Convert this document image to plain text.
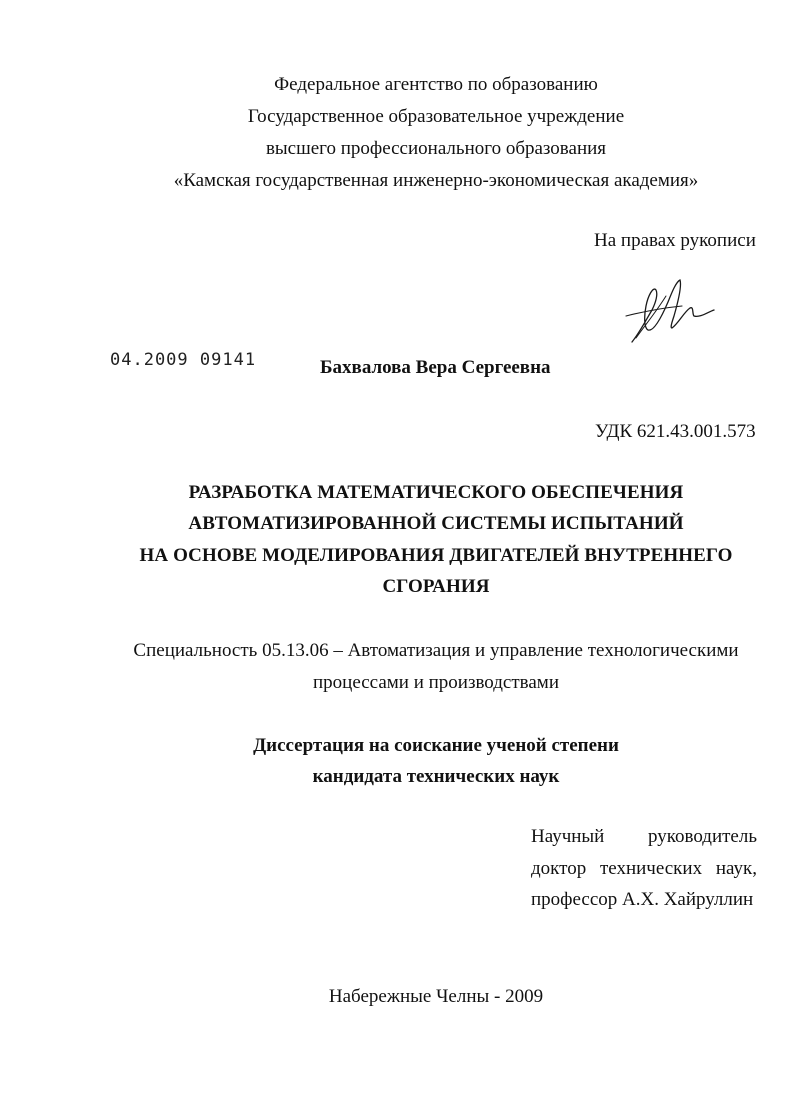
Федеральное агентство по образованию
Государственное образовательное учреждение
высшего профессионального образования
«Камская государственная инженерно-экономическая академия»
На правах рукописи
04.2009 09141	Бахвалова Вера Сергеевна
УДК 621.43.001.573
РАЗРАБОТКА МАТЕМАТИЧЕСКОГО ОБЕСПЕЧЕНИЯ
АВТОМАТИЗИРОВАННОЙ СИСТЕМЫ ИСПЫТАНИЙ
НА ОСНОВЕ МОДЕЛИРОВАНИЯ ДВИГАТЕЛЕЙ ВНУТРЕННЕГО
СГОРАНИЯ
Специальность 05.13.06 – Автоматизация и управление технологическими
процессами и производствами
Диссертация на соискание ученой степени
кандидата технических наук
Научный руководитель
доктор технических наук,
профессор А.Х. Хайруллин
Набережные Челны - 2009
